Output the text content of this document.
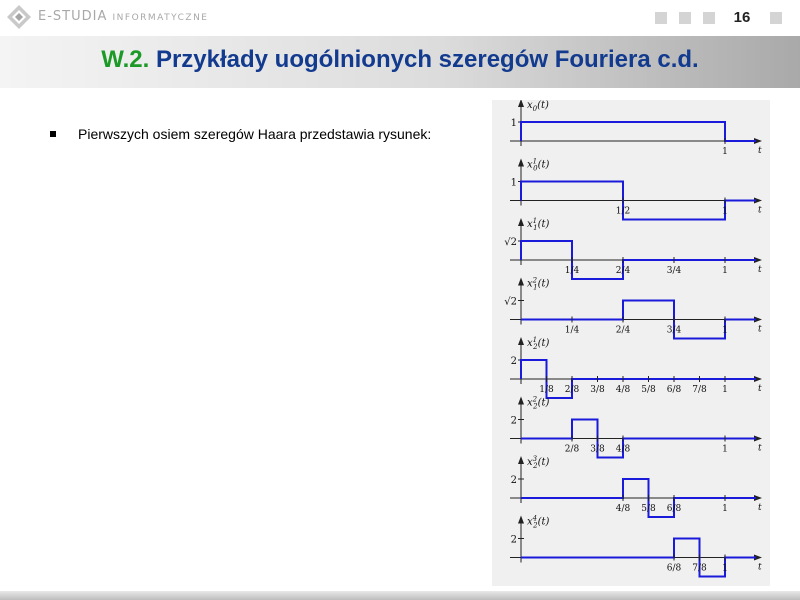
E-STUDIA INFORMATYCZNE	16
W.2. Przykłady uogólnionych szeregów Fouriera c.d.
Pierwszych osiem szeregów Haara przedstawia rysunek:
t
$x_0(t)$
1
1
t
$x^1$ 0(t)
1
1/2	1
t
$x^1$ 1(t)
√2
1/4	2/4	3/4	1
t
$x^2$ 1(t)
√2
1/4	2/4	3/4	1
t
$x^1$ 2(t)
2
1/8 2/8 3/8 4/8 5/8 6/8 7/8 1
t
$x^2$ 2(t)
2
2/8 3/8 4/8	1
t
$x^3$ 2(t)
2
4/8 5/8 6/8	1
t
$x^4$ 2(t)
2
6/8 7/8 1
